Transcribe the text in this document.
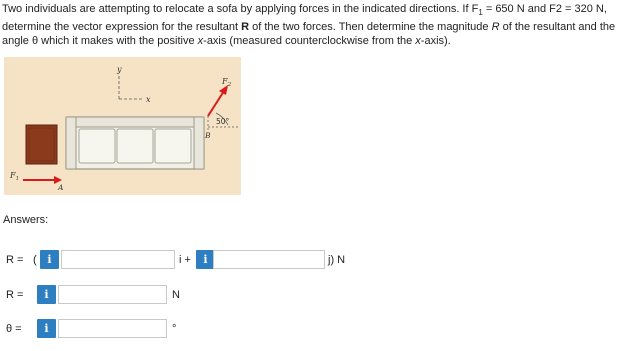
Two individuals are attempting to relocate a sofa by applying forces in the indicated directions. If $F_1 = 650$ N and F2 = 320 N, determine the vector expression for the resultant R of the two forces. Then determine the magnitude R of the resultant and the angle θ which it makes with the positive x-axis (measured counterclockwise from the x-axis).
y
x
50°
$F_2$
B
$F_1$
A
Answers:
R = ( i	i +	i	j) N
R =	i	N
θ =	i	°
